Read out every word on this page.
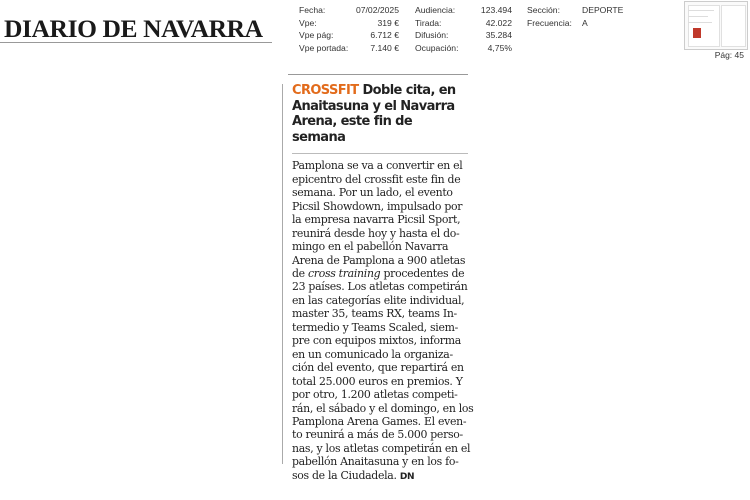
DIARIO DE NAVARRA
Fecha:	07/02/2025
Vpe:	319 €
Vpe pág:	6.712 €
Vpe portada:	7.140 €
Audiencia:	123.494
Tirada:	42.022
Difusión:	35.284
Ocupación:	4,75%
Sección:	DEPORTE
Frecuencia: A
Pág: 45
CROSSFIT Doble cita, en Anaitasuna y el Navarra Arena, este fin de semana
Pamplona se va a convertir en el
epicentro del crossfit este fin de
semana. Por un lado, el evento
Picsil Showdown, impulsado por
la empresa navarra Picsil Sport,
reunirá desde hoy y hasta el do-
mingo en el pabellón Navarra
Arena de Pamplona a 900 atletas
de cross training procedentes de
23 países. Los atletas competirán
en las categorías elite individual,
master 35, teams RX, teams In-
termedio y Teams Scaled, siem-
pre con equipos mixtos, informa
en un comunicado la organiza-
ción del evento, que repartirá en
total 25.000 euros en premios. Y
por otro, 1.200 atletas competi-
rán, el sábado y el domingo, en los
Pamplona Arena Games. El even-
to reunirá a más de 5.000 perso-
nas, y los atletas competirán en el
pabellón Anaitasuna y en los fo-
sos de la Ciudadela. DN
